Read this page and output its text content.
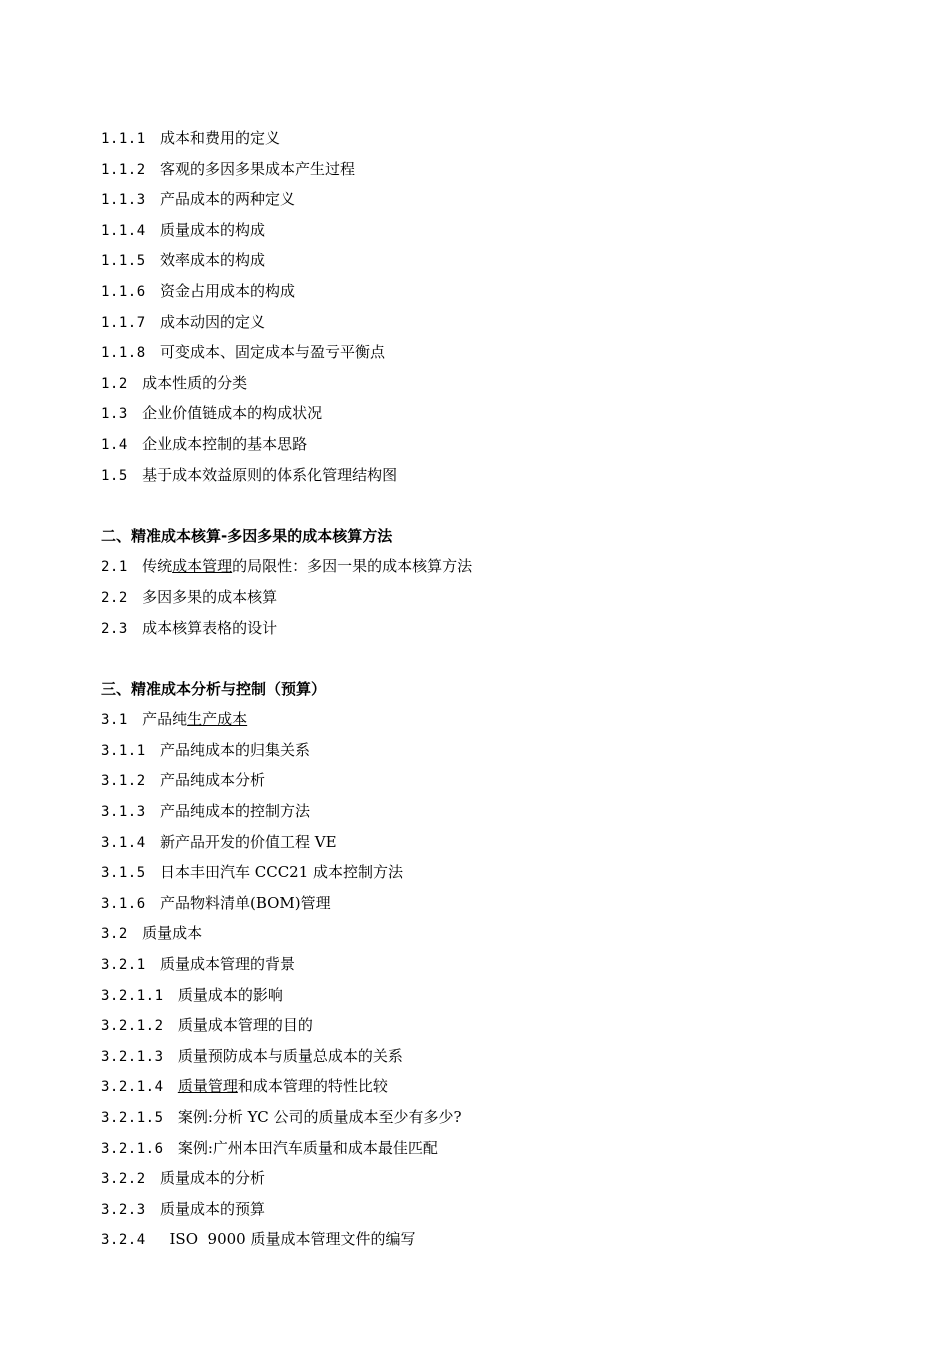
1.1.1 成本和费用的定义
1.1.2 客观的多因多果成本产生过程
1.1.3 产品成本的两种定义
1.1.4 质量成本的构成
1.1.5 效率成本的构成
1.1.6 资金占用成本的构成
1.1.7 成本动因的定义
1.1.8 可变成本、固定成本与盈亏平衡点
1.2 成本性质的分类
1.3 企业价值链成本的构成状况
1.4 企业成本控制的基本思路
1.5 基于成本效益原则的体系化管理结构图
二、精准成本核算-多因多果的成本核算方法
2.1 传统成本管理的局限性：多因一果的成本核算方法
2.2 多因多果的成本核算
2.3 成本核算表格的设计
三、精准成本分析与控制（预算）
3.1 产品纯生产成本
3.1.1 产品纯成本的归集关系
3.1.2 产品纯成本分析
3.1.3 产品纯成本的控制方法
3.1.4 新产品开发的价值工程 VE
3.1.5 日本丰田汽车 CCC21 成本控制方法
3.1.6 产品物料清单(BOM)管理
3.2 质量成本
3.2.1 质量成本管理的背景
3.2.1.1 质量成本的影响
3.2.1.2 质量成本管理的目的
3.2.1.3 质量预防成本与质量总成本的关系
3.2.1.4 质量管理和成本管理的特性比较
3.2.1.5 案例:分析 YC 公司的质量成本至少有多少?
3.2.1.6 案例:广州本田汽车质量和成本最佳匹配
3.2.2 质量成本的分析
3.2.3 质量成本的预算
3.2.4     ISO  9000 质量成本管理文件的编写
